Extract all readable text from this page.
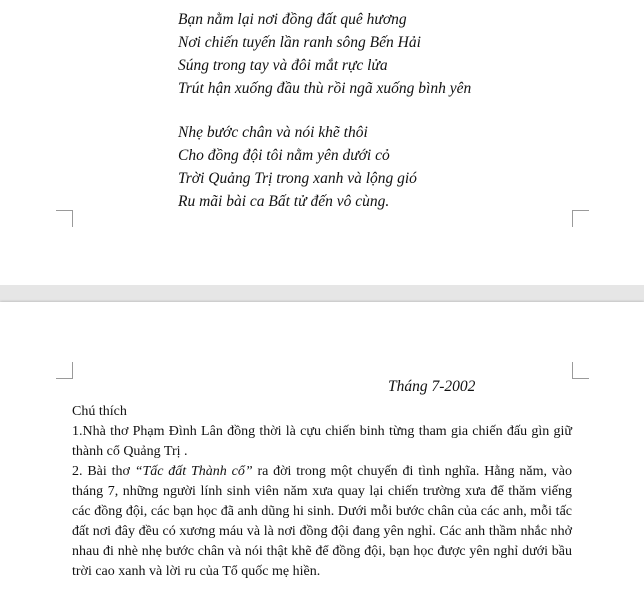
Bạn nằm lại nơi đồng đất quê hương
Nơi chiến tuyến lần ranh sông Bến Hải
Súng trong tay và đôi mắt rực lửa
Trút hận xuống đầu thù rồi ngã xuống bình yên
Nhẹ bước chân và nói khẽ thôi
Cho đồng đội tôi nằm yên dưới cỏ
Trời Quảng Trị trong xanh và lộng gió
Ru mãi bài ca Bất tử đến vô cùng.
Tháng 7-2002

Chú thích

1.Nhà thơ Phạm Đình Lân đồng thời là cựu chiến binh từng tham gia chiến đấu gìn giữ thành cổ Quảng Trị .

2. Bài thơ “Tấc đất Thành cổ” ra đời trong một chuyến đi tình nghĩa. Hằng năm, vào tháng 7, những người lính sinh viên năm xưa quay lại chiến trường xưa để thăm viếng các đồng đội, các bạn học đã anh dũng hi sinh. Dưới mỗi bước chân của các anh, mỗi tấc đất nơi đây đều có xương máu và là nơi đồng đội đang yên nghỉ. Các anh thầm nhắc nhở nhau đi nhè nhẹ bước chân và nói thật khẽ để đồng đội, bạn học được yên nghỉ dưới bầu trời cao xanh và lời ru của Tổ quốc mẹ hiền.
